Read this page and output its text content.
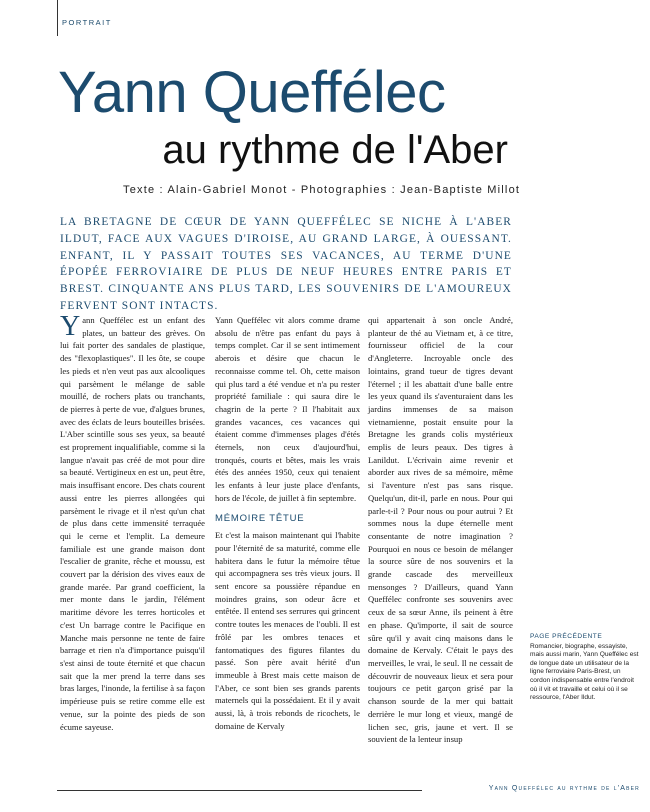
PORTRAIT
Yann Queffélec
au rythme de l'Aber
Texte : Alain-Gabriel Monot - Photographies : Jean-Baptiste Millot
LA BRETAGNE DE CŒUR DE YANN QUEFFÉLEC SE NICHE À L'ABER ILDUT, FACE AUX VAGUES D'IROISE, AU GRAND LARGE, À OUESSANT. ENFANT, IL Y PASSAIT TOUTES SES VACANCES, AU TERME D'UNE ÉPOPÉE FERROVIAIRE DE PLUS DE NEUF HEURES ENTRE PARIS ET BREST. CINQUANTE ANS PLUS TARD, LES SOUVENIRS DE L'AMOUREUX FERVENT SONT INTACTS.

Yann Queffélec est un enfant des plates, un batteur des grèves. On lui fait porter des sandales de plastique, des "flexoplastiques". Il les ôte, se coupe les pieds et n'en veut pas aux alcooliques qui parsèment le mélange de sable mouillé, de rochers plats ou tranchants, de pierres à perte de vue, d'algues brunes, avec des éclats de leurs bouteilles brisées. L'Aber scintille sous ses yeux, sa beauté est proprement inqualifiable, comme si la langue n'avait pas créé de mot pour dire sa beauté. Vertigineux en est un, peut être, mais insuffisant encore. Des chats courent aussi entre les pierres allongées qui parsèment le rivage et il n'est qu'un chat de plus dans cette immensité terraquée qui le cerne et l'emplit. La demeure familiale est une grande maison dont l'escalier de granite, rêche et moussu, est couvert par la dérision des vives eaux de grande marée. Par grand coefficient, la mer monte dans le jardin, l'élément maritime dévore les terres horticoles et c'est Un barrage contre le Pacifique en Manche mais personne ne tente de faire barrage et rien n'a d'importance puisqu'il s'est ainsi de toute éternité et que chacun sait que la mer prend la terre dans ses bras larges, l'inonde, la fertilise à sa façon impérieuse puis se retire comme elle est venue, sur la pointe des pieds de son écume sayeuse.

Yann Queffélec vit alors comme drame absolu de n'être pas enfant du pays à temps complet. Car il se sent intimement aberois et désire que chacun le reconnaisse comme tel. Oh, cette maison qui plus tard a été vendue et n'a pu rester propriété familiale : qui saura dire le chagrin de la perte ? Il l'habitait aux grandes vacances, ces vacances qui étaient comme d'immenses plages d'étés éternels, non ceux d'aujourd'hui, tronqués, courts et bêtes, mais les vrais étés des années 1950, ceux qui tenaient les enfants à leur juste place d'enfants, hors de l'école, de juillet à fin septembre.

MÉMOIRE TÊTUE

Et c'est la maison maintenant qui l'habite pour l'éternité de sa maturité, comme elle habitera dans le futur la mémoire têtue qui accompagnera ses très vieux jours. Il sent encore sa poussière répandue en moindres grains, son odeur âcre et entêtée. Il entend ses serrures qui grincent contre toutes les menaces de l'oubli. Il est frôlé par les ombres tenaces et fantomatiques des figures filantes du passé. Son père avait hérité d'un immeuble à Brest mais cette maison de l'Aber, ce sont bien ses grands parents maternels qui la possédaient. Et il y avait aussi, là, à trois rebonds de ricochets, le domaine de Kervaly

qui appartenait à son oncle André, planteur de thé au Vietnam et, à ce titre, fournisseur officiel de la cour d'Angleterre. Incroyable oncle des lointains, grand tueur de tigres devant l'éternel ; il les abattait d'une balle entre les yeux quand ils s'aventuraient dans les jardins immenses de sa maison vietnamienne, postait ensuite pour la Bretagne les grands colis mystérieux emplis de leurs peaux. Des tigres à Lanildut. L'écrivain aime revenir et aborder aux rives de sa mémoire, même si l'aventure n'est pas sans risque. Quelqu'un, dit-il, parle en nous. Pour qui parle-t-il ? Pour nous ou pour autrui ? Et sommes nous la dupe éternelle ment consentante de notre imagination ? Pourquoi en nous ce besoin de mélanger la source sûre de nos souvenirs et la grande cascade des merveilleux mensonges ? D'ailleurs, quand Yann Queffélec confronte ses souvenirs avec ceux de sa sœur Anne, ils peinent à être en phase. Qu'importe, il sait de source sûre qu'il y avait cinq maisons dans le domaine de Kervaly. C'était le pays des merveilles, le vrai, le seul. Il ne cessait de découvrir de nouveaux lieux et sera pour toujours ce petit garçon grisé par la chanson sourde de la mer qui battait derrière le mur long et vieux, mangé de lichen sec, gris, jaune et vert. Il se souvient de la lenteur insup

PAGE PRÉCÉDENTE
Romancier, biographe, essayiste, mais aussi marin, Yann Queffélec est de longue date un utilisateur de la ligne ferroviaire Paris-Brest, un cordon indispensable entre l'endroit où il vit et travaille et celui où il se ressource, l'Aber Ildut.
Yann Queffélec au rythme de l'Aber
